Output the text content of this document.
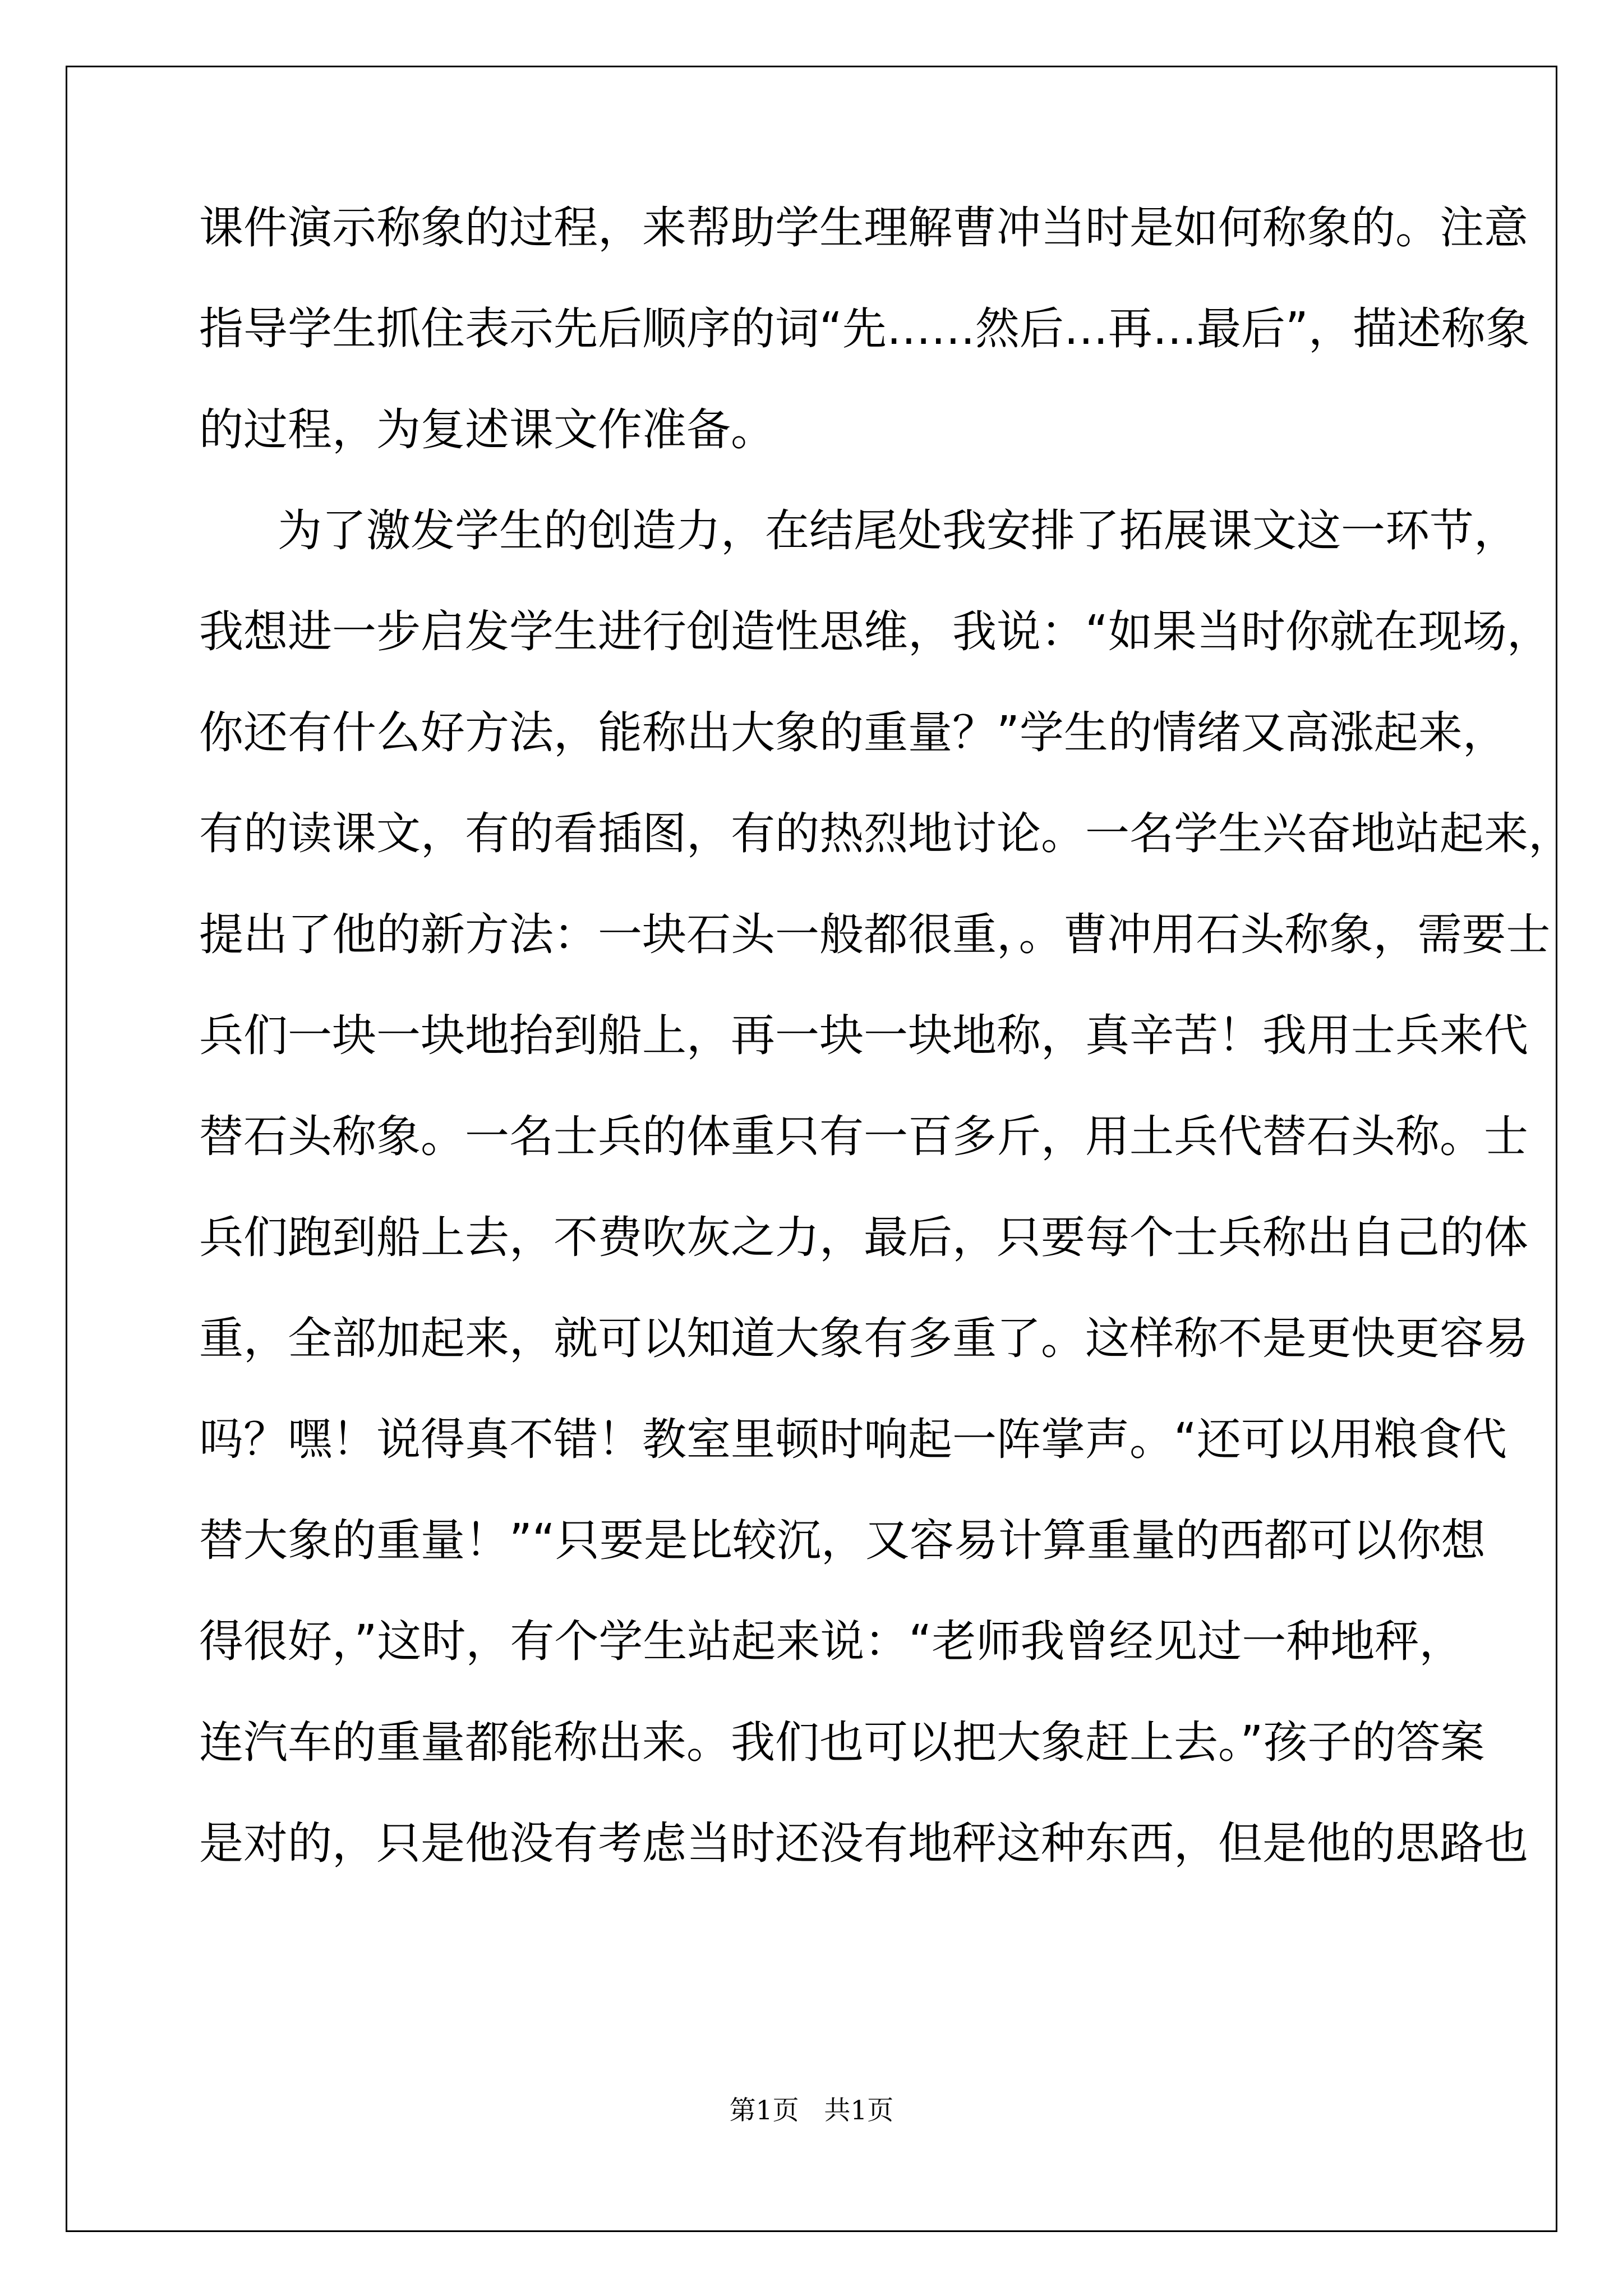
课件演示称象的过程，来帮助学生理解曹冲当时是如何称象的。注意
指导学生抓住表示先后顺序的词“先……然后…再…最后”，描述称象
的过程，为复述课文作准备。
为了激发学生的创造力，在结尾处我安排了拓展课文这一环节，
我想进一步启发学生进行创造性思维，我说：“如果当时你就在现场，
你还有什么好方法，能称出大象的重量？”学生的情绪又高涨起来，
有的读课文，有的看插图，有的热烈地讨论。一名学生兴奋地站起来，
提出了他的新方法：一块石头一般都很重，。曹冲用石头称象，需要士
兵们一块一块地抬到船上，再一块一块地称，真辛苦！我用士兵来代
替石头称象。一名士兵的体重只有一百多斤，用土兵代替石头称。士
兵们跑到船上去，不费吹灰之力，最后，只要每个士兵称出自己的体
重，全部加起来，就可以知道大象有多重了。这样称不是更快更容易
吗？嘿！说得真不错！教室里顿时响起一阵掌声。“还可以用粮食代
替大象的重量！”“只要是比较沉，又容易计算重量的西都可以你想
得很好，”这时，有个学生站起来说：“老师我曾经见过一种地秤，
连汽车的重量都能称出来。我们也可以把大象赶上去。”孩子的答案
是对的，只是他没有考虑当时还没有地秤这种东西，但是他的思路也
第1页   共1页
